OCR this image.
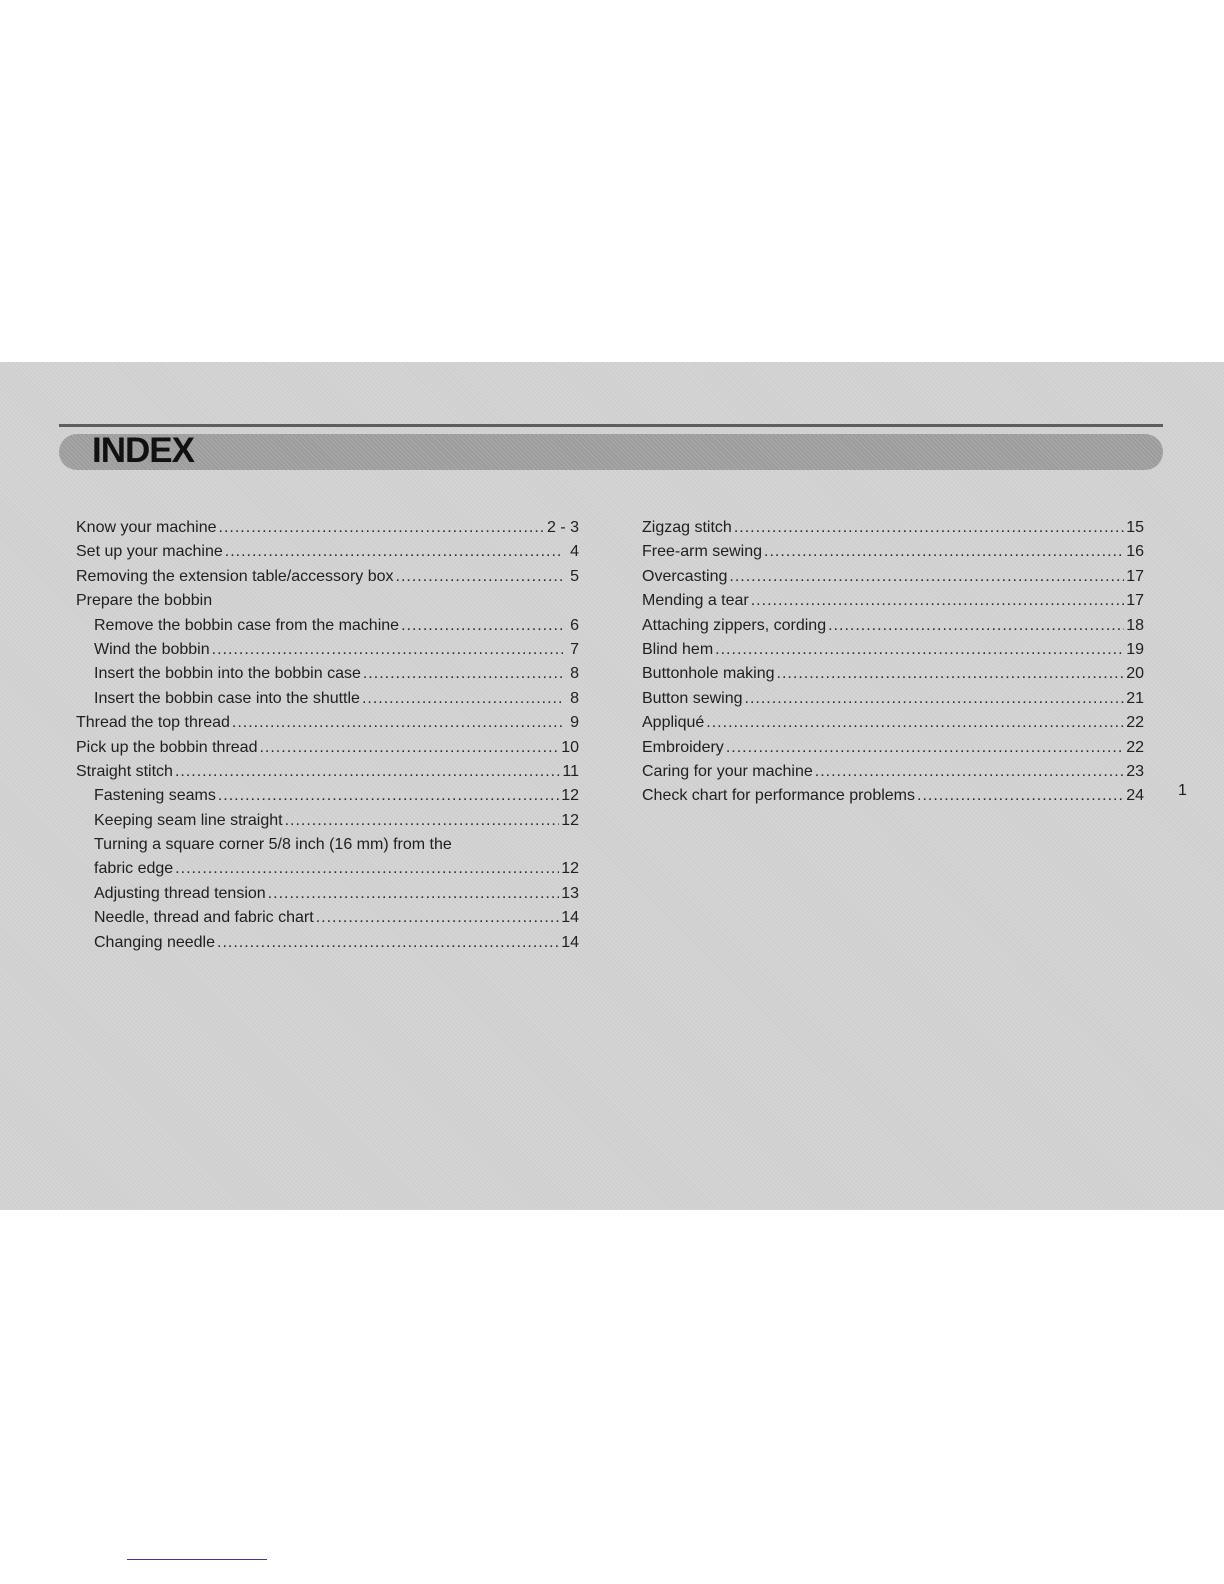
INDEX
Know your machine .....	2 - 3
Set up your machine .....	4
Removing the extension table/accessory box .....	5
Prepare the bobbin
Remove the bobbin case from the machine .....	6
Wind the bobbin .....	7
Insert the bobbin into the bobbin case .....	8
Insert the bobbin case into the shuttle .....	8
Thread the top thread .....	9
Pick up the bobbin thread .....	10
Straight stitch .....	11
Fastening seams .....	12
Keeping seam line straight .....	12
Turning a square corner 5/8 inch (16 mm) from the
fabric edge .....	12
Adjusting thread tension .....	13
Needle, thread and fabric chart .....	14
Changing needle .....	14
Zigzag stitch .....	15
Free-arm sewing .....	16
Overcasting .....	17
Mending a tear .....	17
Attaching zippers, cording .....	18
Blind hem .....	19
Buttonhole making .....	20
Button sewing .....	21
Appliqué .....	22
Embroidery .....	22
Caring for your machine .....	23
Check chart for performance problems .....	24 1
